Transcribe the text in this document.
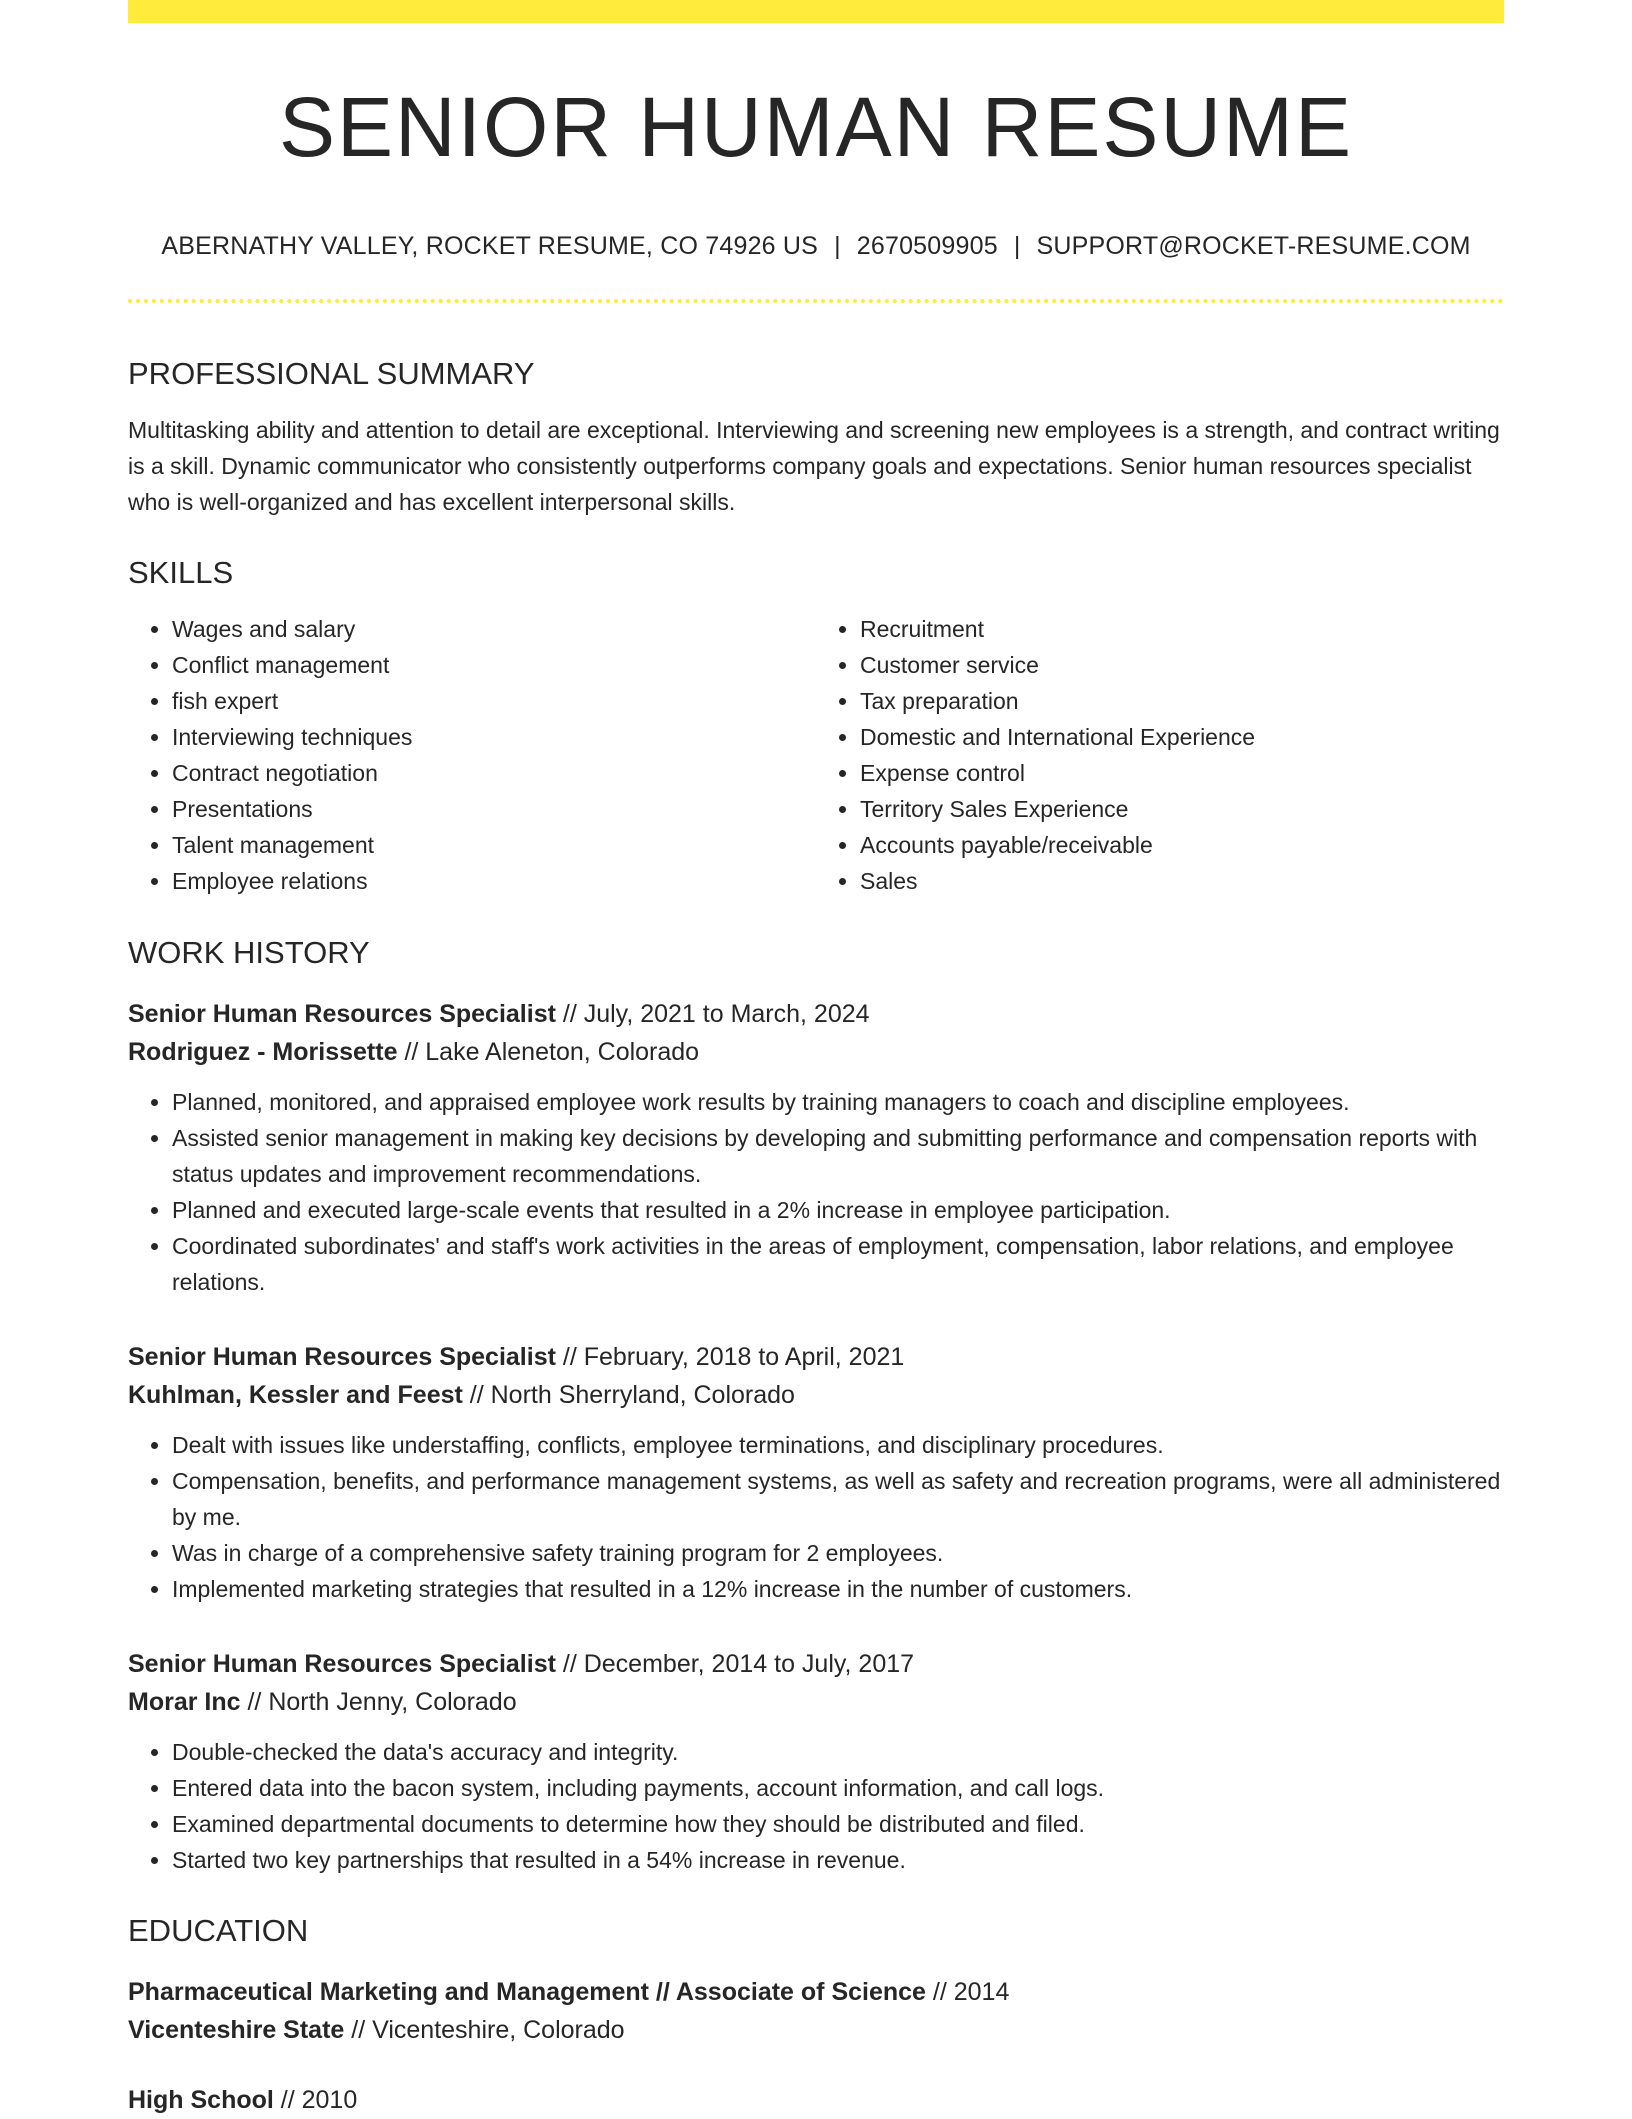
SENIOR HUMAN RESUME
ABERNATHY VALLEY, ROCKET RESUME, CO 74926 US | 2670509905 | SUPPORT@ROCKET-RESUME.COM
PROFESSIONAL SUMMARY

Multitasking ability and attention to detail are exceptional. Interviewing and screening new employees is a strength, and contract writing is a skill. Dynamic communicator who consistently outperforms company goals and expectations. Senior human resources specialist who is well-organized and has excellent interpersonal skills.

SKILLS
• Wages and salary
• Conflict management
• fish expert
• Interviewing techniques
• Contract negotiation
• Presentations
• Talent management
• Employee relations
• Recruitment
• Customer service
• Tax preparation
• Domestic and International Experience
• Expense control
• Territory Sales Experience
• Accounts payable/receivable
• Sales
WORK HISTORY

Senior Human Resources Specialist // July, 2021 to March, 2024

Rodriguez - Morissette // Lake Aleneton, Colorado

• Planned, monitored, and appraised employee work results by training managers to coach and discipline employees.
• Assisted senior management in making key decisions by developing and submitting performance and compensation reports with status updates and improvement recommendations.
• Planned and executed large-scale events that resulted in a 2% increase in employee participation.
• Coordinated subordinates' and staff's work activities in the areas of employment, compensation, labor relations, and employee relations.

Senior Human Resources Specialist // February, 2018 to April, 2021

Kuhlman, Kessler and Feest // North Sherryland, Colorado

• Dealt with issues like understaffing, conflicts, employee terminations, and disciplinary procedures.
• Compensation, benefits, and performance management systems, as well as safety and recreation programs, were all administered by me.
• Was in charge of a comprehensive safety training program for 2 employees.
• Implemented marketing strategies that resulted in a 12% increase in the number of customers.

Senior Human Resources Specialist // December, 2014 to July, 2017

Morar Inc // North Jenny, Colorado

• Double-checked the data's accuracy and integrity.
• Entered data into the bacon system, including payments, account information, and call logs.
• Examined departmental documents to determine how they should be distributed and filed.
• Started two key partnerships that resulted in a 54% increase in revenue.
EDUCATION

Pharmaceutical Marketing and Management // Associate of Science // 2014

Vicenteshire State // Vicenteshire, Colorado

High School // 2010
